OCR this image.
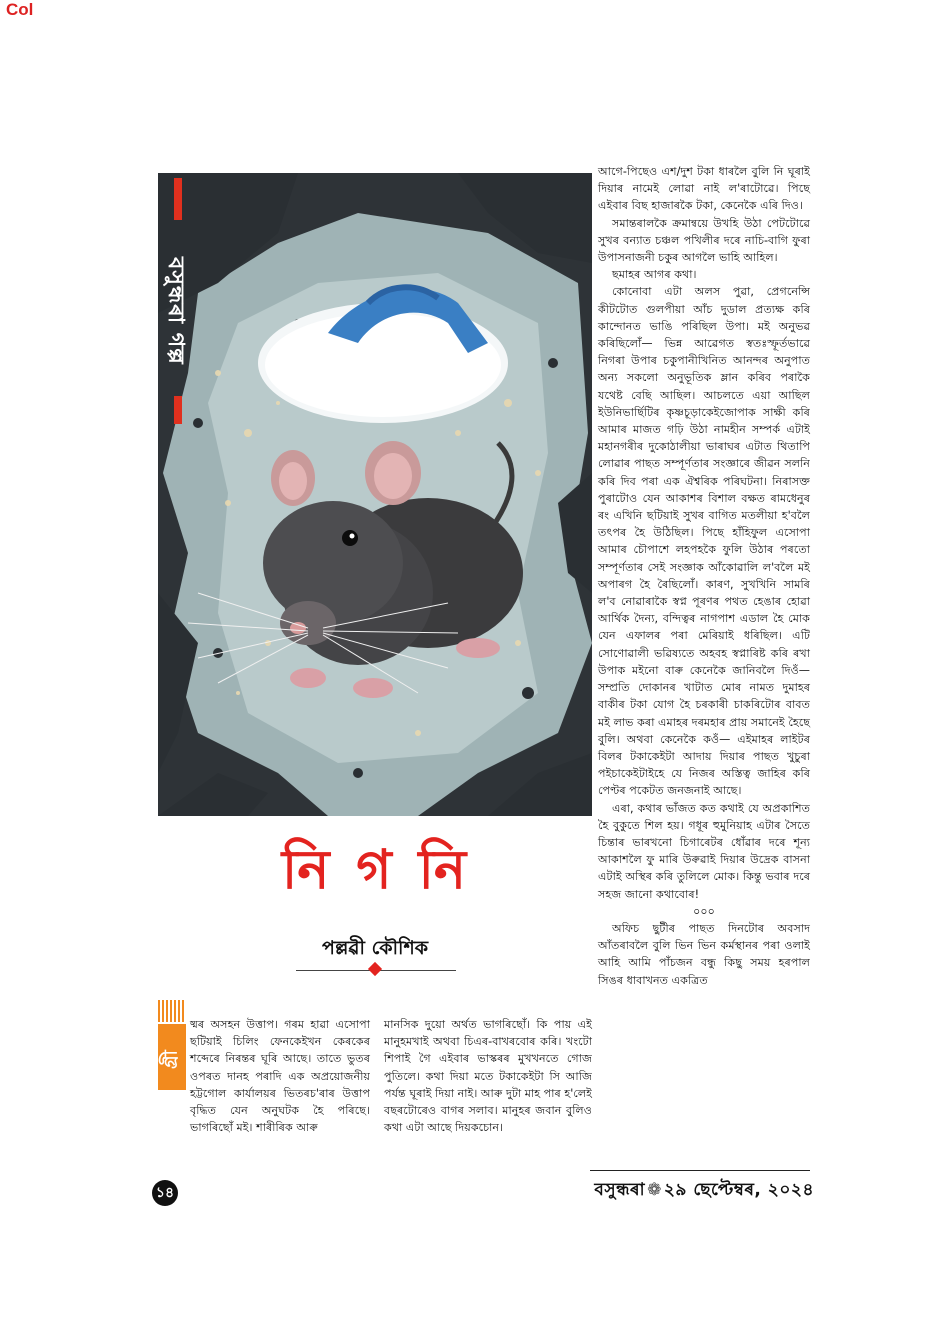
Col
বসুন্ধৰা গল্প
নি গ নি
পল্লৱী কৌশিক

আগে-পিছেও এশ/দুশ টকা ধাৰলৈ বুলি নি ঘূৰাই দিয়াৰ নামেই লোৱা নাই ল'ৰাটোৱে। পিছে এইবাৰ বিছ হাজাৰকৈ টকা, কেনেকৈ এৰি দিও।

সমান্তৰালকৈ ক্ৰমান্বয়ে উখহি উঠা পেটটোৱে সুখৰ বন্যাত চঞ্চল পখিলীৰ দৰে নাচি-বাগি ফুৰা উপাসনাজনী চকুৰ আগলৈ ভাহি আহিল।

ছমাহৰ আগৰ কথা।

কোনোবা এটা অলস পুৱা, প্ৰেগনেন্সি কীটটোত গুলপীয়া আঁচ দুডাল প্ৰত্যক্ষ কৰি কান্দোনত ভাঙি পৰিছিল উপা। মই অনুভৱ কৰিছিলোঁ— ভিন্ন আৱেগত স্বতঃস্ফূৰ্তভাৱে নিগৰা উপাৰ চকুপানীখিনিত আনন্দৰ অনুপাত অন্য সকলো অনুভূতিক ম্লান কৰিব পৰাকৈ যথেষ্ট বেছি আছিল। আচলতে এয়া আছিল ইউনিভাৰ্ছিটিৰ কৃষ্ণচূড়াকেইজোপাক সাক্ষী কৰি আমাৰ মাজত গঢ়ি উঠা নামহীন সম্পৰ্ক এটাই মহানগৰীৰ দুকোঠালীয়া ভাৰাঘৰ এটাত থিতাপি লোৱাৰ পাছত সম্পূৰ্ণতাৰ সংজ্ঞাৰে জীৱন সলনি কৰি দিব পৰা এক ঐশ্বৰিক পৰিঘটনা। নিৰাসক্ত পুৰাটোও যেন আকাশৰ বিশাল বক্ষত ৰামধেনুৰ ৰং এখিনি ছটিয়াই সুখৰ বাগিত মতলীয়া হ'বলৈ তৎপৰ হৈ উঠিছিল। পিছে হাঁহিফুল এসোপা আমাৰ চৌপাশে লহপহকৈ ফুলি উঠাৰ পৰতো সম্পূৰ্ণতাৰ সেই সংজ্ঞাক আঁকোৱালি ল'বলৈ মই অপাৰগ হৈ ৰৈছিলোঁ। কাৰণ, সুখখিনি সামৰি ল'ব নোৱাৰাকৈ স্বপ্ন পূৰণৰ পথত হেঙাৰ হোৱা আৰ্থিক দৈন্য, বন্দিত্বৰ নাগপাশ এডাল হৈ মোক যেন এফালৰ পৰা মেৰিয়াই ধৰিছিল। এটি সোণোৱালী ভৱিষ্যতে অহবহ স্বপ্নাৰিষ্ট কৰি ৰখা উপাক মইনো বাৰু কেনেকৈ জানিবলৈ দিওঁ— সম্প্ৰতি দোকানৰ খাটাত মোৰ নামত দুমাহৰ বাকীৰ টকা যোগ হৈ চৰকাৰী চাকৰিটোৰ বাবত মই লাভ কৰা এমাহৰ দৰমহাৰ প্ৰায় সমানেই হৈছে বুলি। অথবা কেনেকৈ কওঁ— এইমাহৰ লাইটৰ বিলৰ টকাকেইটা আদায় দিয়াৰ পাছত খুচুৰা পইচাকেইটাইহে যে নিজৰ অস্তিত্ব জাহিৰ কৰি পেণ্টৰ পকেটত জনজনাই আছে।

এৰা, কথাৰ ভাঁজত কত কথাই যে অপ্ৰকাশিত হৈ বুকুতে শিল হয়। গধূৰ হুমুনিয়াহ এটাৰ সৈতে চিন্তাৰ ভাৰখনো চিগাৰেটৰ ধোঁৱাৰ দৰে শূন্য আকাশলৈ ফু মাৰি উৰুৱাই দিয়াৰ উদ্ৰেক বাসনা এটাই অস্থিৰ কৰি তুলিলে মোক। কিন্তু ভবাৰ দৰে সহজ জানো কথাবোৰ!

০০০

অফিচ ছুটীৰ পাছত দিনটোৰ অবসাদ আঁতৰাবলৈ বুলি ভিন ভিন কৰ্মস্থানৰ পৰা ওলাই আহি আমি পাঁচজন বন্ধু কিছু সময় হৰপাল সিঙৰ ধাবাখনত একত্ৰিত

গ্ৰী

ষ্মৰ অসহন উত্তাপ। গৰম হাৱা এসোপা ছটিয়াই চিলিং ফেনকেইখন কেৰকেৰ শব্দেৰে নিৰন্তৰ ঘূৰি আছে। তাতে ভুতৰ ওপৰত দানহ পৰাদি এক অপ্ৰয়োজনীয় হট্টগোল কাৰ্যালয়ৰ ভিতৰচ'ৰাৰ উত্তাপ বৃদ্ধিত যেন অনুঘটক হৈ পৰিছে। ভাগৰিছোঁ মই। শাৰীৰিক আৰু

মানসিক দুয়ো অৰ্থত ভাগৰিছোঁ। কি পায় এই মানুহমখাই অথবা চিএৰ-বাখৰবোৰ কৰি। খংটো শিপাই গৈ এইবাৰ ভাস্কৰৰ মুখখনতে গোজ পুতিলে। কথা দিয়া মতে টকাকেইটা সি আজি পৰ্যন্ত ঘূৰাই দিয়া নাই। আৰু দুটা মাহ পাৰ হ'লেই বছৰটোৰেও বাগৰ সলাব। মানুহৰ জবান বুলিও কথা এটা আছে দিয়কচোন।

১৪	বসুন্ধৰা ❁ ২৯ ছেপ্টেম্বৰ, ২০২৪
